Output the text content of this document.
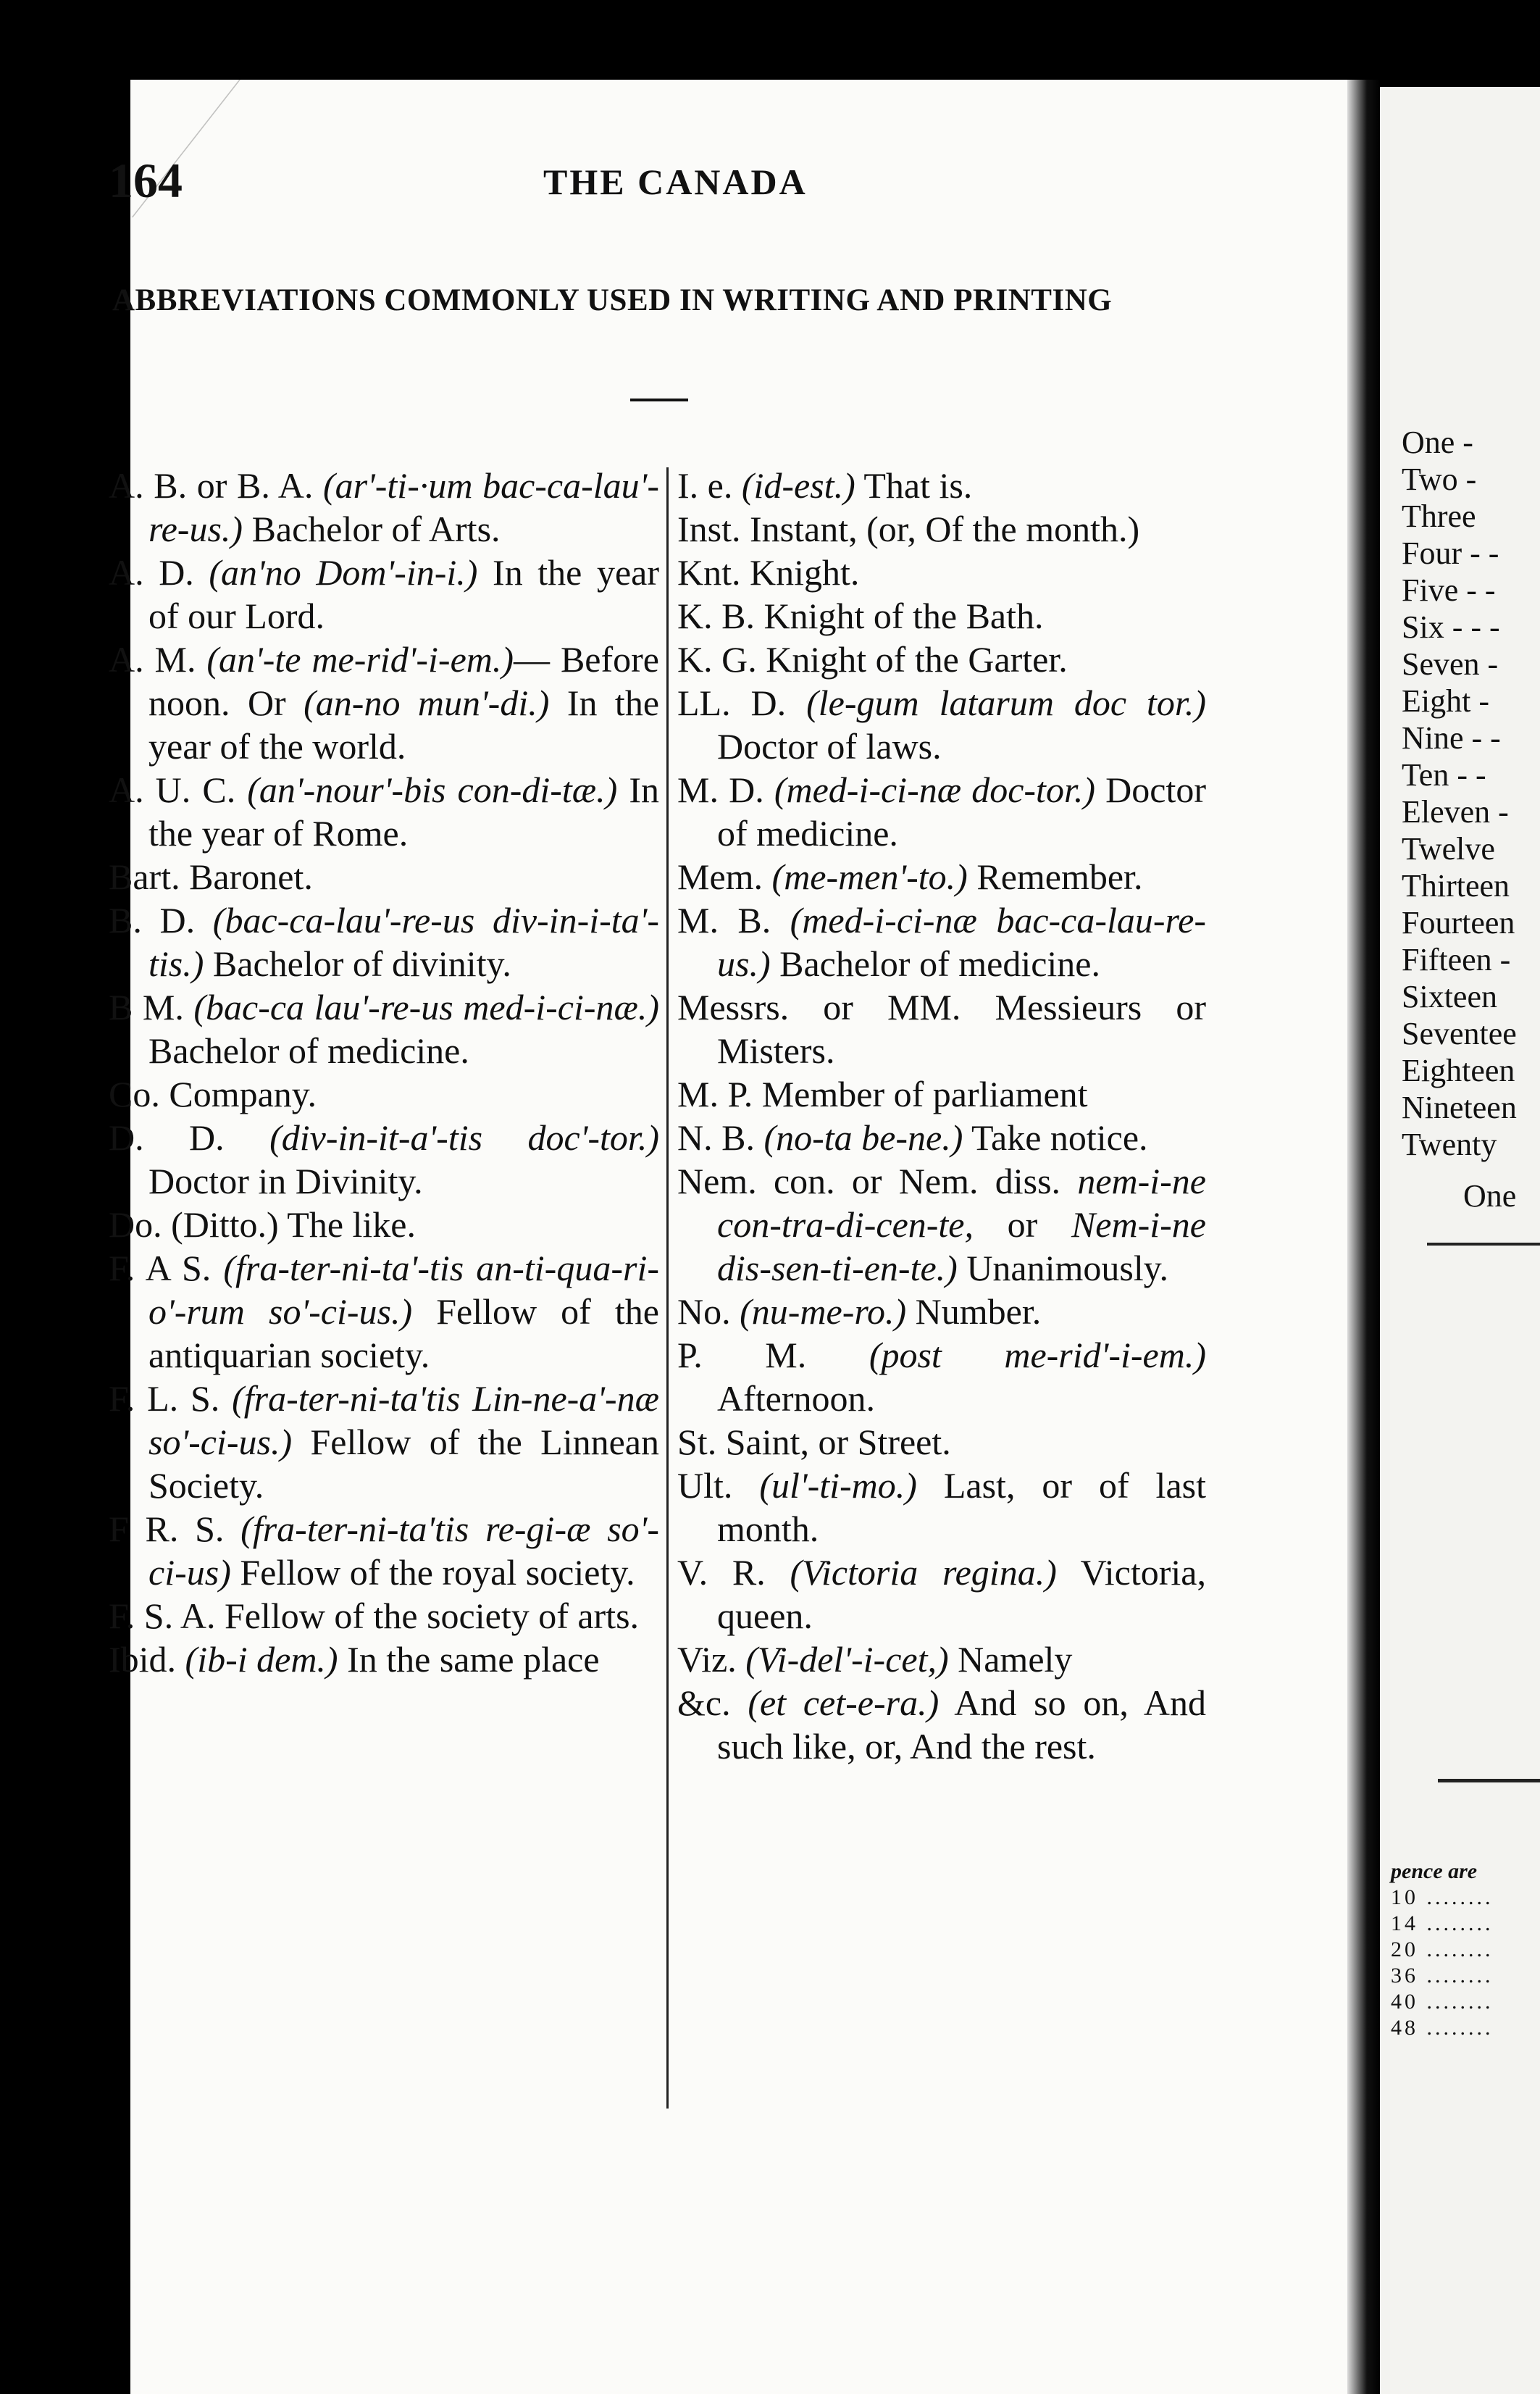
164	THE CANADA
ABBREVIATIONS COMMONLY USED IN WRITING AND PRINTING

A. B. or B. A. (ar'-ti-·um bac-ca-lau'-re-us.) Bachelor of Arts.

A. D. (an'no Dom'-in-i.) In the year of our Lord.

A. M. (an'-te me-rid'-i-em.)— Before noon. Or (an-no mun'-di.) In the year of the world.

A. U. C. (an'-nour'-bis con-di-tæ.) In the year of Rome.

Bart. Baronet.

B. D. (bac-ca-lau'-re-us div-in-i-ta'-tis.) Bachelor of divinity.

B M. (bac-ca lau'-re-us med-i-ci-næ.) Bachelor of medicine.

Co. Company.

D. D. (div-in-it-a'-tis doc'-tor.) Doctor in Divinity.

Do. (Ditto.) The like.

F. A S. (fra-ter-ni-ta'-tis an-ti-qua-ri-o'-rum so'-ci-us.) Fellow of the antiquarian society.

F. L. S. (fra-ter-ni-ta'tis Lin-ne-a'-næ so'-ci-us.) Fellow of the Linnean Society.

F R. S. (fra-ter-ni-ta'tis re-gi-æ so'-ci-us) Fellow of the royal society.

F. S. A. Fellow of the society of arts.

Ibid. (ib-i dem.) In the same place

I. e. (id-est.) That is.

Inst. Instant, (or, Of the month.)

Knt. Knight.

K. B. Knight of the Bath.

K. G. Knight of the Garter.

LL. D. (le-gum latarum doc tor.) Doctor of laws.

M. D. (med-i-ci-næ doc-tor.) Doctor of medicine.

Mem. (me-men'-to.) Remember.

M. B. (med-i-ci-næ bac-ca-lau-re-us.) Bachelor of medicine.

Messrs. or MM. Messieurs or Misters.

M. P. Member of parliament

N. B. (no-ta be-ne.) Take notice.

Nem. con. or Nem. diss. nem-i-ne con-tra-di-cen-te, or Nem-i-ne dis-sen-ti-en-te.) Unanimously.

No. (nu-me-ro.) Number.

P. M. (post me-rid'-i-em.) Afternoon.

St. Saint, or Street.

Ult. (ul'-ti-mo.) Last, or of last month.

V. R. (Victoria regina.) Victoria, queen.

Viz. (Vi-del'-i-cet,) Namely

&c. (et cet-e-ra.) And so on, And such like, or, And the rest.

One -
Two -
Three
Four - -
Five - -
Six - - -
Seven -
Eight -
Nine - -
Ten - -
Eleven -
Twelve
Thirteen
Fourteen
Fifteen -
Sixteen
Seventee
Eighteen
Nineteen
Twenty
One
pence are
10 ........
14 ........
20 ........
36 ........
40 ........
48 ........
